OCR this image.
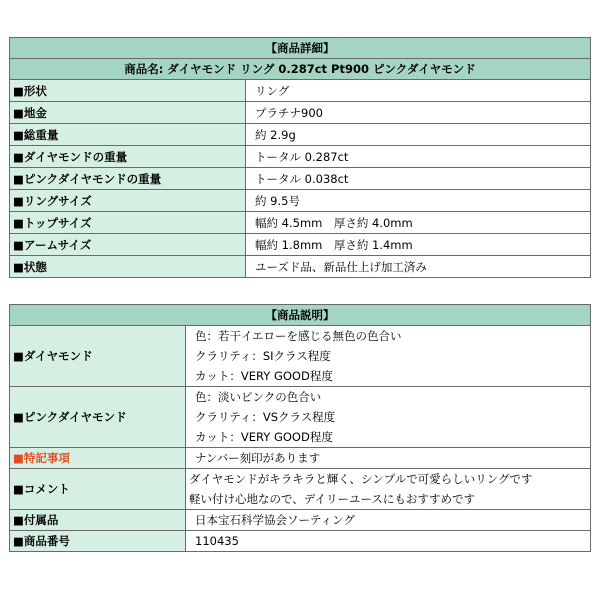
【商品詳細】	
商品名: ダイヤモンド リング 0.287ct Pt900 ピンクダイヤモンド	
■形状	リング
■地金	プラチナ900
■総重量	約 2.9g
■ダイヤモンドの重量	トータル 0.287ct
■ピンクダイヤモンドの重量	トータル 0.038ct
■リングサイズ	約 9.5号
■トップサイズ	幅約 4.5mm　厚さ約 4.0mm
■アームサイズ	幅約 1.8mm　厚さ約 1.4mm
■状態	ユーズド品、新品仕上げ加工済み
【商品説明】	
■ダイヤモンド	色：若干イエローを感じる無色の色合い
クラリティ：SIクラス程度
カット：VERY GOOD程度

■ピンクダイヤモンド	色：淡いピンクの色合い
クラリティ：VSクラス程度
カット：VERY GOOD程度

■特記事項	ナンバー刻印があります

■コメント	ダイヤモンドがキラキラと輝く、シンプルで可愛らしいリングです
軽い付け心地なので、デイリーユースにもおすすめです

■付属品	日本宝石科学協会ソーティング

■商品番号	110435
